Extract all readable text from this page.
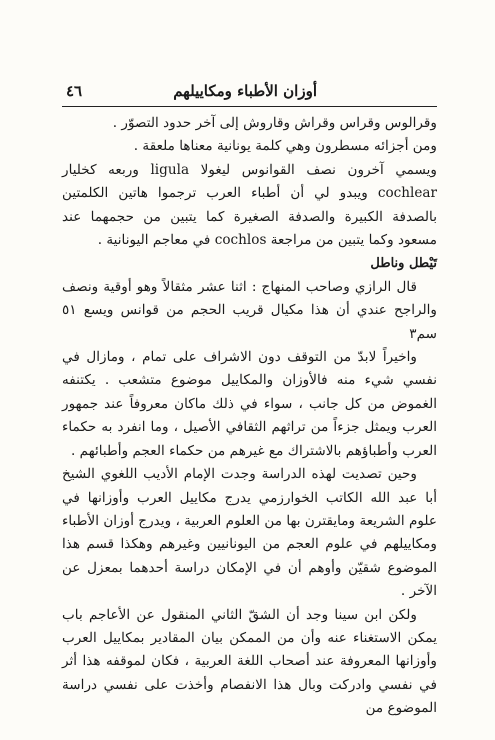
أوزان الأطباء ومكاييلهم
٤٦

وقرالوس وقراس وقراش وقاروش إلى آخر حدود التصوّر .

ومن أجزائه مسطرون وهي كلمة يونانية معناها ملعقة .

ويسمي آخرون نصف القوانوس ليغولا ligula وربعه كخليار cochlear ويبدو لي أن أطباء العرب ترجموا هاتين الكلمتين بالصدفة الكبيرة والصدفة الصغيرة كما يتبين من حجمهما عند مسعود وكما يتبين من مراجعة cochlos في معاجم اليونانية .

تَيْطل وناطل

قال الرازي وصاحب المنهاج : اثنا عشر مثقالاً وهو أوقية ونصف والراجح عندي أن هذا مكيال قريب الحجم من قوانس ويسع ٥١ سم٣

واخيراً لابدّ من التوقف دون الاشراف على تمام ، ومازال في نفسي شيء منه فالأوزان والمكاييل موضوع متشعب . يكتنفه الغموض من كل جانب ، سواء في ذلك ماكان معروفاً عند جمهور العرب ويمثل جزءاً من تراثهم الثقافي الأصيل ، وما انفرد به حكماء العرب وأطباؤهم بالاشتراك مع غيرهم من حكماء العجم وأطبائهم .

وحين تصديت لهذه الدراسة وجدت الإمام الأديب اللغوي الشيخ أبا عبد الله الكاتب الخوارزمي يدرج مكاييل العرب وأوزانها في علوم الشريعة ومايقترن بها من العلوم العربية ، ويدرج أوزان الأطباء ومكاييلهم في علوم العجم من اليونانيين وغيرهم وهكذا قسم هذا الموضوع شقيّن وأوهم أن في الإمكان دراسة أحدهما بمعزل عن الآخر .

ولكن ابن سينا وجد أن الشقّ الثاني المنقول عن الأعاجم باب يمكن الاستغناء عنه وأن من الممكن بيان المقادير بمكاييل العرب وأوزانها المعروفة عند أصحاب اللغة العربية ، فكان لموقفه هذا أثر في نفسي وادركت وبال هذا الانفصام وأخذت على نفسي دراسة الموضوع من
